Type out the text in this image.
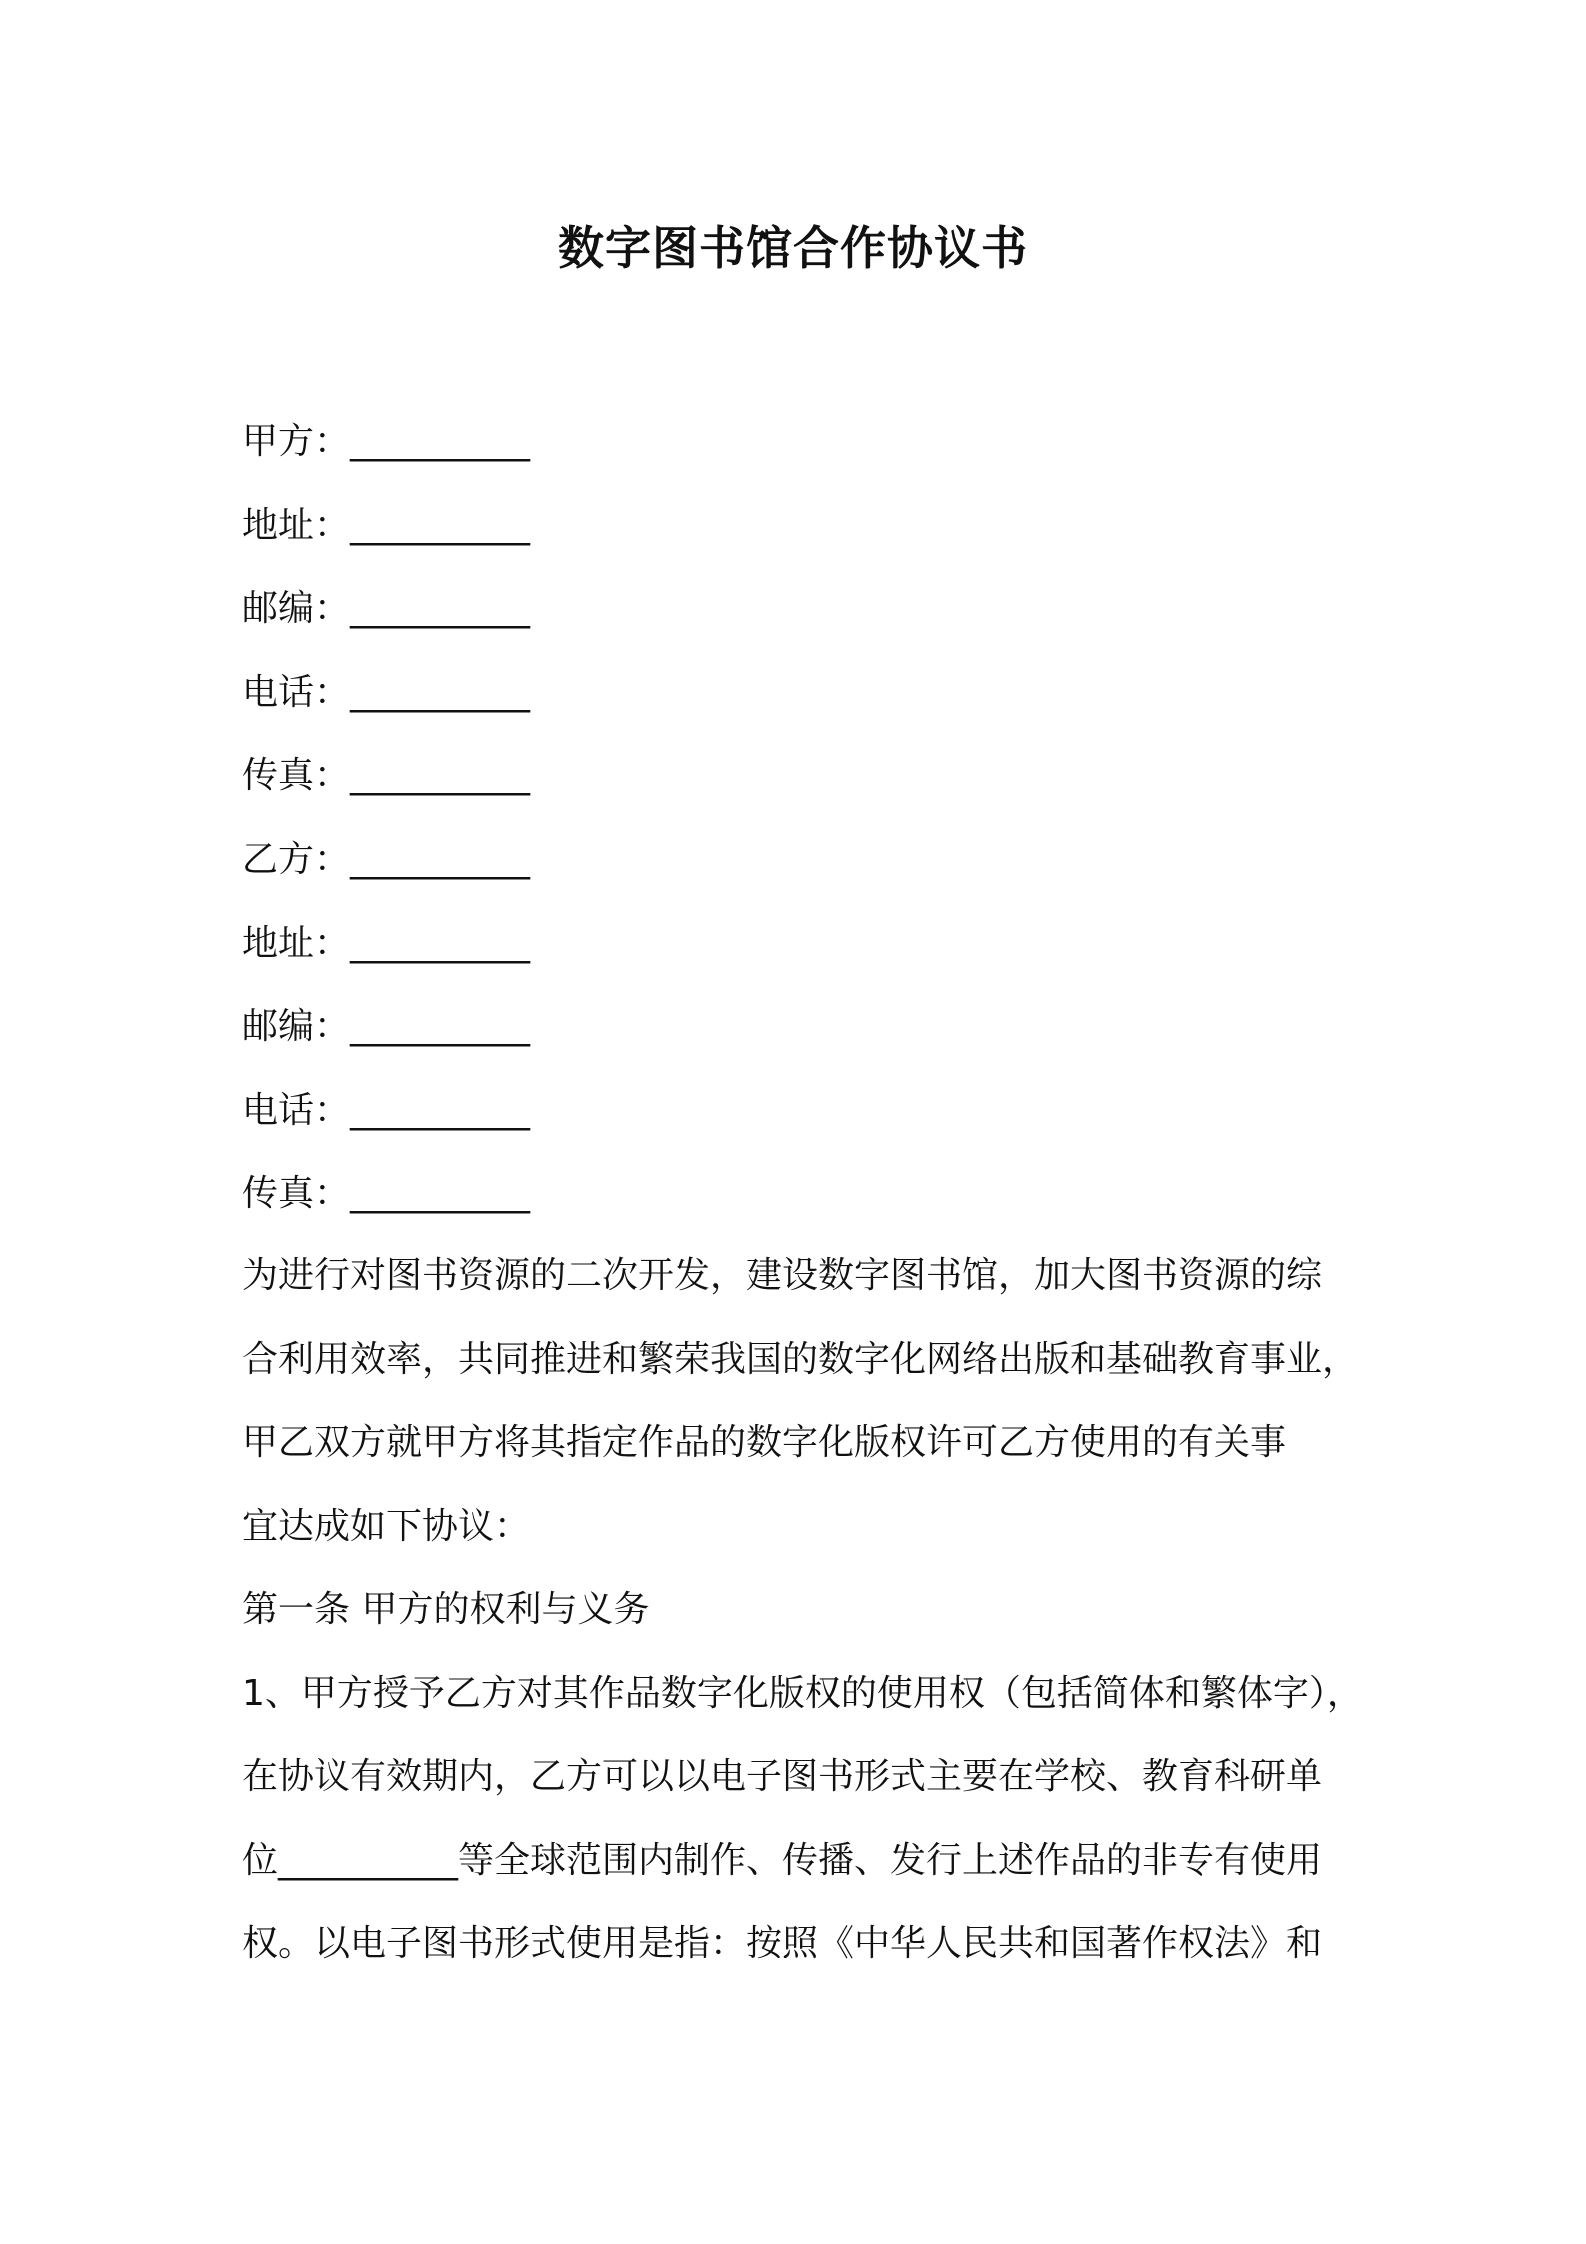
数字图书馆合作协议书
甲方：__________
地址：__________
邮编：__________
电话：__________
传真：__________
乙方：__________
地址：__________
邮编：__________
电话：__________
传真：__________
为进行对图书资源的二次开发，建设数字图书馆，加大图书资源的综
合利用效率，共同推进和繁荣我国的数字化网络出版和基础教育事业，
甲乙双方就甲方将其指定作品的数字化版权许可乙方使用的有关事
宜达成如下协议：
第一条 甲方的权利与义务
1、甲方授予乙方对其作品数字化版权的使用权（包括简体和繁体字），
在协议有效期内，乙方可以以电子图书形式主要在学校、教育科研单
位__________等全球范围内制作、传播、发行上述作品的非专有使用
权。以电子图书形式使用是指：按照《中华人民共和国著作权法》和
